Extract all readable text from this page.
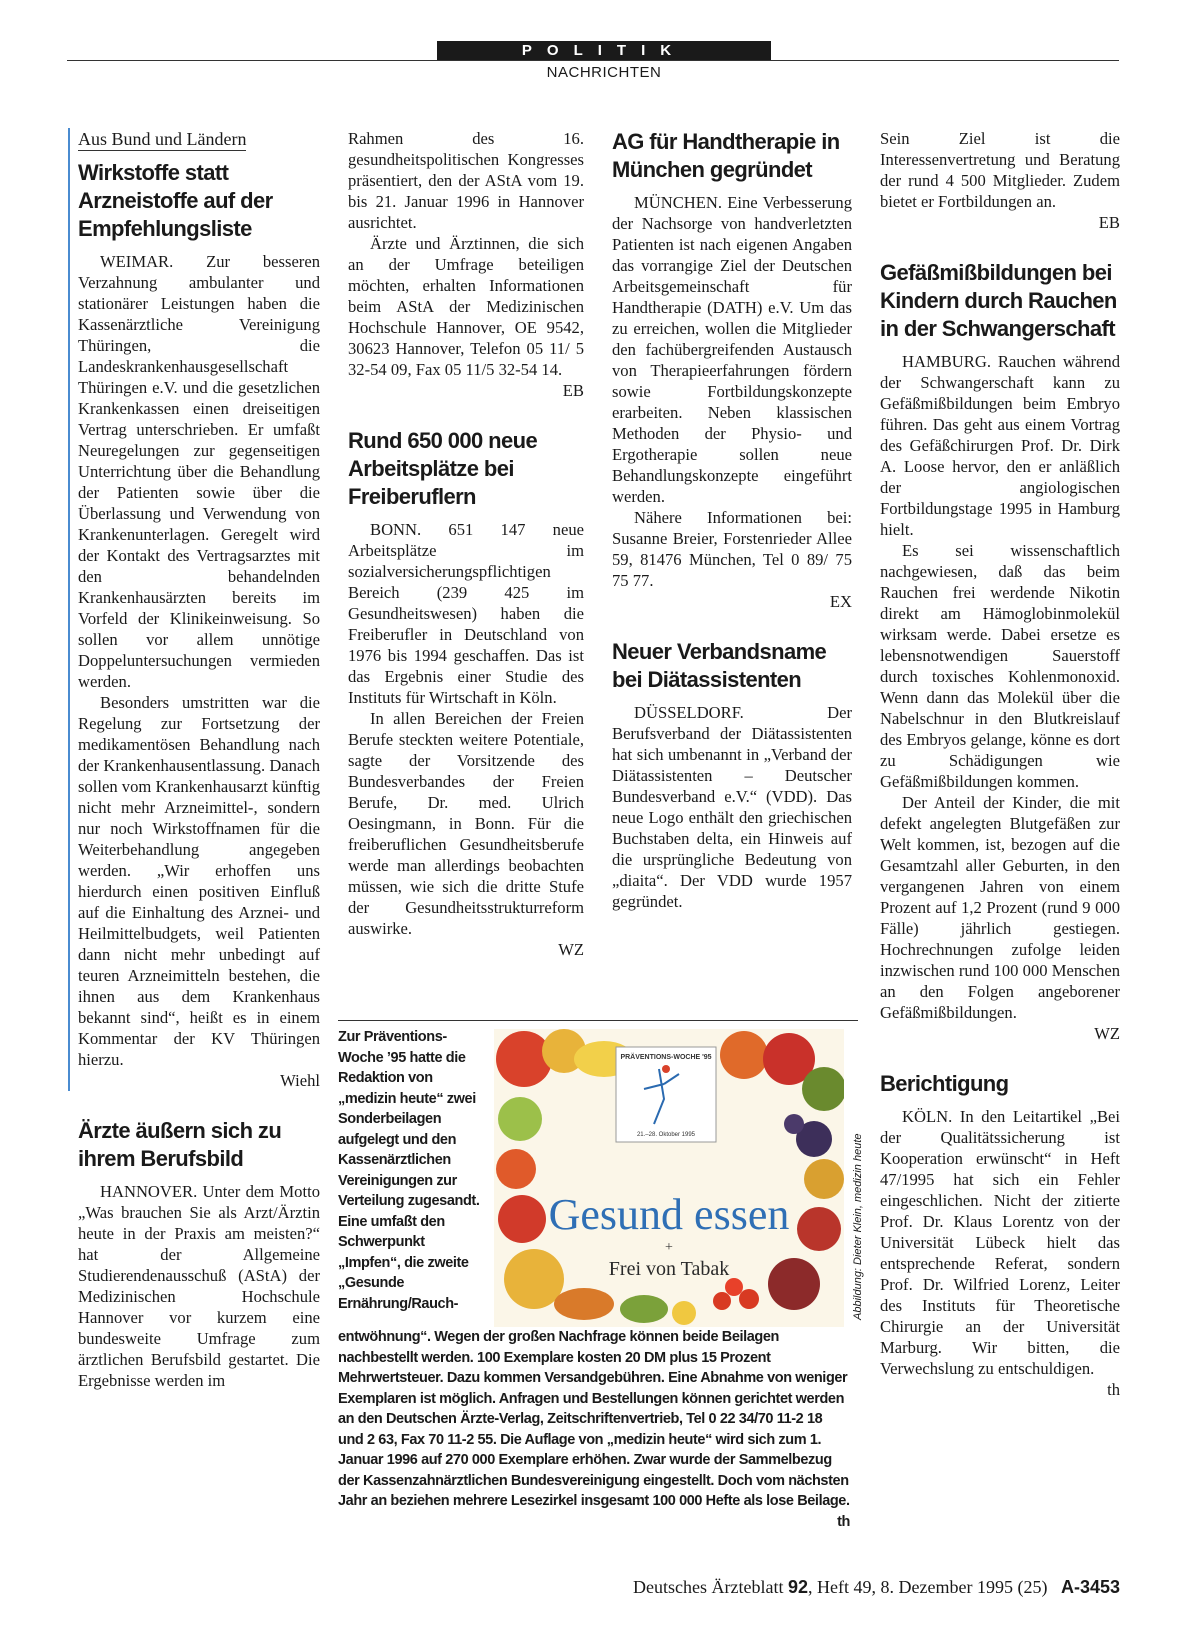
POLITIK
NACHRICHTEN
Aus Bund und Ländern
Wirkstoffe statt Arzneistoffe auf der Empfehlungsliste

WEIMAR. Zur besseren Verzahnung ambulanter und stationärer Leistungen haben die Kassenärztliche Vereinigung Thüringen, die Landeskrankenhausgesellschaft Thüringen e.V. und die gesetzlichen Krankenkassen einen dreiseitigen Vertrag unterschrieben. Er umfaßt Neuregelungen zur gegenseitigen Unterrichtung über die Behandlung der Patienten sowie über die Überlassung und Verwendung von Krankenunterlagen. Geregelt wird der Kontakt des Vertragsarztes mit den behandelnden Krankenhausärzten bereits im Vorfeld der Klinikeinweisung. So sollen vor allem unnötige Doppeluntersuchungen vermieden werden.

Besonders umstritten war die Regelung zur Fortsetzung der medikamentösen Behandlung nach der Krankenhausentlassung. Danach sollen vom Krankenhausarzt künftig nicht mehr Arzneimittel-, sondern nur noch Wirkstoffnamen für die Weiterbehandlung angegeben werden. „Wir erhoffen uns hierdurch einen positiven Einfluß auf die Einhaltung des Arznei- und Heilmittelbudgets, weil Patienten dann nicht mehr unbedingt auf teuren Arzneimitteln bestehen, die ihnen aus dem Krankenhaus bekannt sind“, heißt es in einem Kommentar der KV Thüringen hierzu.

Wiehl

Ärzte äußern sich zu ihrem Berufsbild

HANNOVER. Unter dem Motto „Was brauchen Sie als Arzt/Ärztin heute in der Praxis am meisten?“ hat der Allgemeine Studierendenausschuß (AStA) der Medizinischen Hochschule Hannover vor kurzem eine bundesweite Umfrage zum ärztlichen Berufsbild gestartet. Die Ergebnisse werden im

Rahmen des 16. gesundheitspolitischen Kongresses präsentiert, den der AStA vom 19. bis 21. Januar 1996 in Hannover ausrichtet.

Ärzte und Ärztinnen, die sich an der Umfrage beteiligen möchten, erhalten Informationen beim AStA der Medizinischen Hochschule Hannover, OE 9542, 30623 Hannover, Telefon 05 11/ 5 32-54 09, Fax 05 11/5 32-54 14.

EB

Rund 650 000 neue Arbeitsplätze bei Freiberuflern

BONN. 651 147 neue Arbeitsplätze im sozialversicherungspflichtigen Bereich (239 425 im Gesundheitswesen) haben die Freiberufler in Deutschland von 1976 bis 1994 geschaffen. Das ist das Ergebnis einer Studie des Instituts für Wirtschaft in Köln.

In allen Bereichen der Freien Berufe steckten weitere Potentiale, sagte der Vorsitzende des Bundesverbandes der Freien Berufe, Dr. med. Ulrich Oesingmann, in Bonn. Für die freiberuflichen Gesundheitsberufe werde man allerdings beobachten müssen, wie sich die dritte Stufe der Gesundheitsstrukturreform auswirke.

WZ

AG für Handtherapie in München gegründet

MÜNCHEN. Eine Verbesserung der Nachsorge von handverletzten Patienten ist nach eigenen Angaben das vorrangige Ziel der Deutschen Arbeitsgemeinschaft für Handtherapie (DATH) e.V. Um das zu erreichen, wollen die Mitglieder den fachübergreifenden Austausch von Therapieerfahrungen fördern sowie Fortbildungskonzepte erarbeiten. Neben klassischen Methoden der Physio- und Ergotherapie sollen neue Behandlungskonzepte eingeführt werden.

Nähere Informationen bei: Susanne Breier, Forstenrieder Allee 59, 81476 München, Tel 0 89/ 75 75 77.

EX

Neuer Verbandsname bei Diätassistenten

DÜSSELDORF. Der Berufsverband der Diätassistenten hat sich umbenannt in „Verband der Diätassistenten – Deutscher Bundesverband e.V.“ (VDD). Das neue Logo enthält den griechischen Buchstaben delta, ein Hinweis auf die ursprüngliche Bedeutung von „diaita“. Der VDD wurde 1957 gegründet.

Sein Ziel ist die Interessenvertretung und Beratung der rund 4 500 Mitglieder. Zudem bietet er Fortbildungen an.

EB

Gefäßmißbildungen bei Kindern durch Rauchen in der Schwangerschaft

HAMBURG. Rauchen während der Schwangerschaft kann zu Gefäßmißbildungen beim Embryo führen. Das geht aus einem Vortrag des Gefäßchirurgen Prof. Dr. Dirk A. Loose hervor, den er anläßlich der angiologischen Fortbildungstage 1995 in Hamburg hielt.

Es sei wissenschaftlich nachgewiesen, daß das beim Rauchen frei werdende Nikotin direkt am Hämoglobinmolekül wirksam werde. Dabei ersetze es lebensnotwendigen Sauerstoff durch toxisches Kohlenmonoxid. Wenn dann das Molekül über die Nabelschnur in den Blutkreislauf des Embryos gelange, könne es dort zu Schädigungen wie Gefäßmißbildungen kommen.

Der Anteil der Kinder, die mit defekt angelegten Blutgefäßen zur Welt kommen, ist, bezogen auf die Gesamtzahl aller Geburten, in den vergangenen Jahren von einem Prozent auf 1,2 Prozent (rund 9 000 Fälle) jährlich gestiegen. Hochrechnungen zufolge leiden inzwischen rund 100 000 Menschen an den Folgen angeborener Gefäßmißbildungen.

WZ

Berichtigung

KÖLN. In den Leitartikel „Bei der Qualitätssicherung ist Kooperation erwünscht“ in Heft 47/1995 hat sich ein Fehler eingeschlichen. Nicht der zitierte Prof. Dr. Klaus Lorentz von der Universität Lübeck hielt das entsprechende Referat, sondern Prof. Dr. Wilfried Lorenz, Leiter des Instituts für Theoretische Chirurgie an der Universität Marburg. Wir bitten, die Verwechslung zu entschuldigen.

th

Zur Präventions-Woche ’95 hatte die Redaktion von „medizin heute“ zwei Sonderbeilagen aufgelegt und den Kassenärztlichen Vereinigungen zur Verteilung zugesandt. Eine umfaßt den Schwerpunkt „Impfen“, die zweite „Gesunde Ernährung/Rauch-
PRÄVENTIONS-WOCHE '95
21.–28. Oktober 1995
Gesund essen
+
Frei von Tabak
entwöhnung“. Wegen der großen Nachfrage können beide Beilagen nachbestellt werden. 100 Exemplare kosten 20 DM plus 15 Prozent Mehrwertsteuer. Dazu kommen Versandgebühren. Eine Abnahme von weniger Exemplaren ist möglich. Anfragen und Bestellungen können gerichtet werden an den Deutschen Ärzte-Verlag, Zeitschriftenvertrieb, Tel 0 22 34/70 11-2 18 und 2 63, Fax 70 11-2 55. Die Auflage von „medizin heute“ wird sich zum 1. Januar 1996 auf 270 000 Exemplare erhöhen. Zwar wurde der Sammelbezug der Kassenzahnärztlichen Bundesvereinigung eingestellt. Doch vom nächsten Jahr an beziehen mehrere Lesezirkel insgesamt 100 000 Hefte als lose Beilage.
th
Abbildung: Dieter Klein, medizin heute
Deutsches Ärzteblatt 92, Heft 49, 8. Dezember 1995 (25) A-3453
